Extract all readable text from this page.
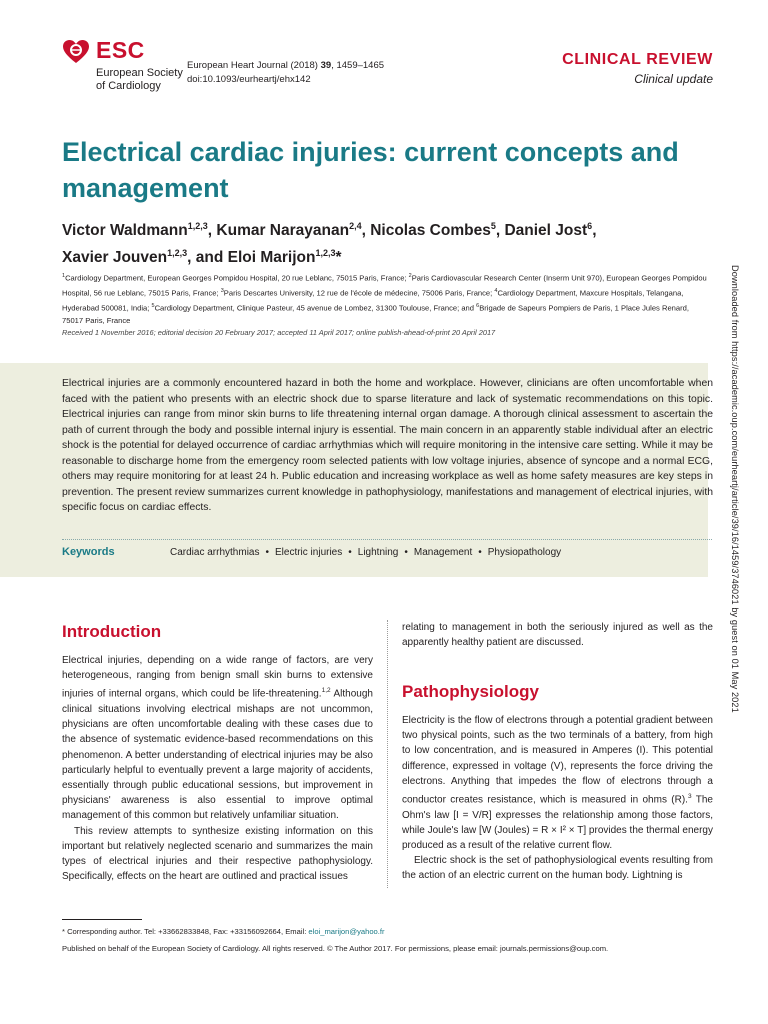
ESC
European Society
of Cardiology
European Heart Journal (2018) 39, 1459–1465
doi:10.1093/eurheartj/ehx142
CLINICAL REVIEW
Clinical update
Electrical cardiac injuries: current concepts and management
Victor Waldmann$^{1,2,3}$, Kumar Narayanan$^{2,4}$, Nicolas Combes$^5$, Daniel Jost$^6$,
Xavier Jouven$^{1,2,3}$, and Eloi Marijon$^{1,2,3}$*
$^1$Cardiology Department, European Georges Pompidou Hospital, 20 rue Leblanc, 75015 Paris, France; $^2$Paris Cardiovascular Research Center (Inserm Unit 970), European Georges Pompidou Hospital, 56 rue Leblanc, 75015 Paris, France; $^3$Paris Descartes University, 12 rue de l'école de médecine, 75006 Paris, France; $^4$Cardiology Department, Maxcure Hospitals, Telangana, Hyderabad 500081, India; $^5$Cardiology Department, Clinique Pasteur, 45 avenue de Lombez, 31300 Toulouse, France; and $^6$Brigade de Sapeurs Pompiers de Paris, 1 Place Jules Renard, 75017 Paris, France
Received 1 November 2016; editorial decision 20 February 2017; accepted 11 April 2017; online publish-ahead-of-print 20 April 2017
Electrical injuries are a commonly encountered hazard in both the home and workplace. However, clinicians are often uncomfortable when faced with the patient who presents with an electric shock due to sparse literature and lack of systematic recommendations on this topic. Electrical injuries can range from minor skin burns to life threatening internal organ damage. A thorough clinical assessment to ascertain the path of current through the body and possible internal injury is essential. The main concern in an apparently stable individual after an electric shock is the potential for delayed occurrence of cardiac arrhythmias which will require monitoring in the intensive care setting. While it may be reasonable to discharge home from the emergency room selected patients with low voltage injuries, absence of syncope and a normal ECG, others may require monitoring for at least 24 h. Public education and increasing workplace as well as home safety measures are key steps in prevention. The present review summarizes current knowledge in pathophysiology, manifestations and management of electrical injuries, with specific focus on cardiac effects.
Keywords	Cardiac arrhythmias • Electric injuries • Lightning • Management • Physiopathology
Introduction

Electrical injuries, depending on a wide range of factors, are very heterogeneous, ranging from benign small skin burns to extensive injuries of internal organs, which could be life-threatening.$^{1,2}$ Although clinical situations involving electrical mishaps are not uncommon, physicians are often uncomfortable dealing with these cases due to the absence of systematic evidence-based recommendations on this phenomenon. A better understanding of electrical injuries may be also particularly helpful to eventually prevent a large majority of accidents, essentially through public educational sessions, but improvement in physicians' awareness is also essential to improve optimal management of this common but relatively unfamiliar situation.

This review attempts to synthesize existing information on this important but relatively neglected scenario and summarizes the main types of electrical injuries and their respective pathophysiology. Specifically, effects on the heart are outlined and practical issues

relating to management in both the seriously injured as well as the apparently healthy patient are discussed.

Pathophysiology

Electricity is the flow of electrons through a potential gradient between two physical points, such as the two terminals of a battery, from high to low concentration, and is measured in Amperes (I). This potential difference, expressed in voltage (V), represents the force driving the electrons. Anything that impedes the flow of electrons through a conductor creates resistance, which is measured in ohms (R).$^3$ The Ohm's law [I = V/R] expresses the relationship among those factors, while Joule's law [W (Joules) = R × I² × T] provides the thermal energy produced as a result of the relative current flow.

Electric shock is the set of pathophysiological events resulting from the action of an electric current on the human body. Lightning is

* Corresponding author. Tel: +33662833848, Fax: +33156092664, Email: eloi_marijon@yahoo.fr
Published on behalf of the European Society of Cardiology. All rights reserved. © The Author 2017. For permissions, please email: journals.permissions@oup.com.
Downloaded from https://academic.oup.com/eurheartj/article/39/16/1459/3746021 by guest on 01 May 2021
